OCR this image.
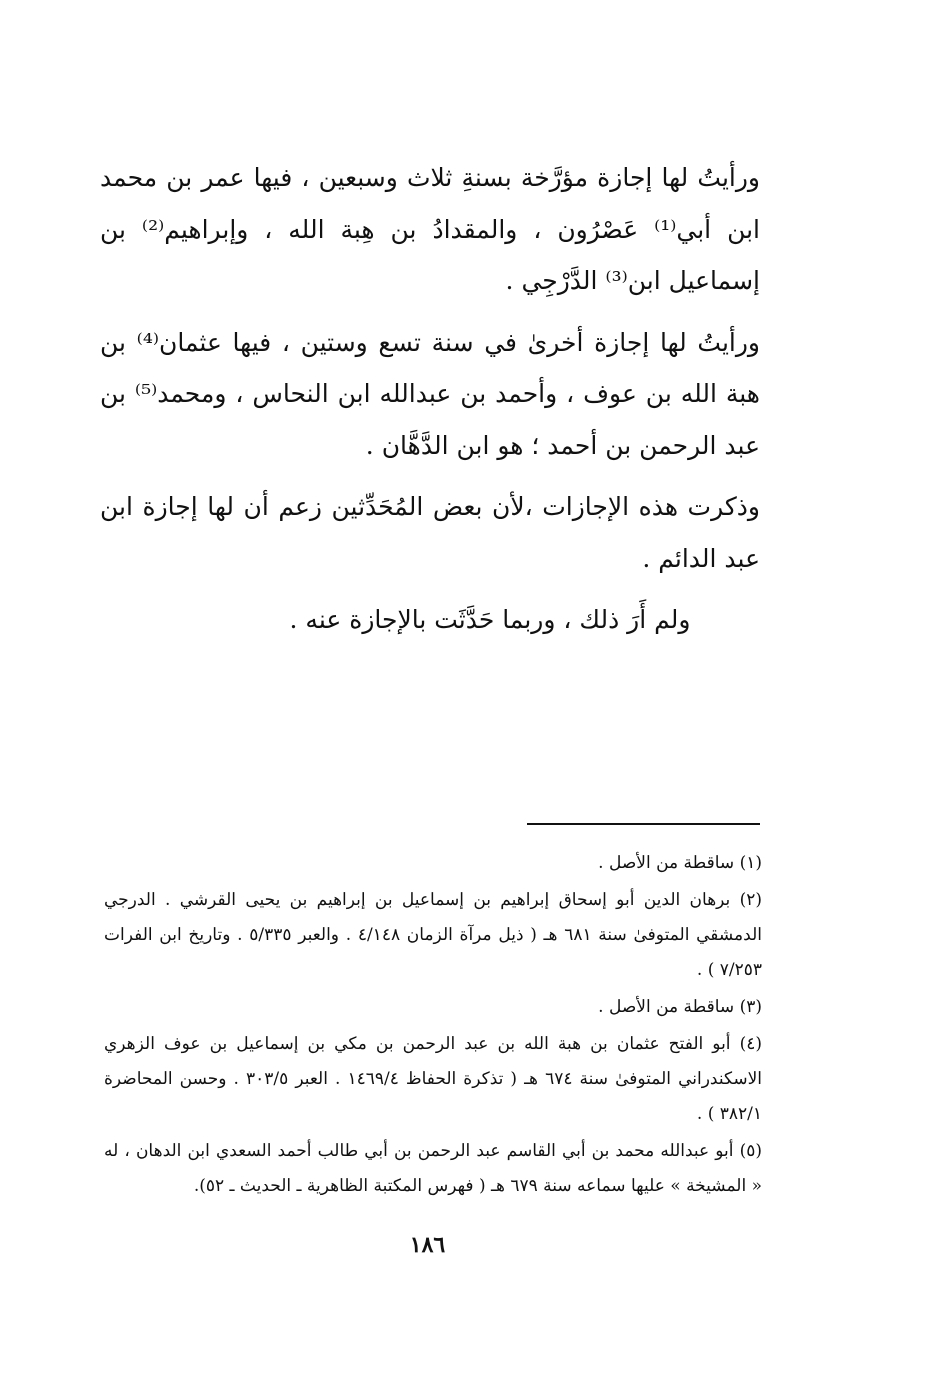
ورأيتُ لها إجازة مؤرَّخة بسنةِ ثلاث وسبعين ، فيها عمر بن محمد ابن أبي⁽¹⁾ عَصْرُون ، والمقدادُ بن هِبة الله ، وإبراهيم⁽²⁾ بن إسماعيل ابن⁽³⁾ الدَّرْجِي .

ورأيتُ لها إجازة أخرىٰ في سنة تسع وستين ، فيها عثمان⁽⁴⁾ بن هبة الله بن عوف ، وأحمد بن عبدالله ابن النحاس ، ومحمد⁽⁵⁾ بن عبد الرحمن بن أحمد ؛ هو ابن الدَّهَّان .

وذكرت هذه الإجازات ،لأن بعض المُحَدِّثين زعم أن لها إجازة ابن عبد الدائم .

ولم أَرَ ذلك ، وربما حَدَّثَت بالإجازة عنه .

(١) ساقطة من الأصل .

(٢) برهان الدين أبو إسحاق إبراهيم بن إسماعيل بن إبراهيم بن يحيى القرشي . الدرجي الدمشقي المتوفىٰ سنة ٦٨١ هـ ( ذيل مرآة الزمان ٤/١٤٨ . والعبر ٥/٣٣٥ . وتاريخ ابن الفرات ٧/٢٥٣ ) .

(٣) ساقطة من الأصل .

(٤) أبو الفتح عثمان بن هبة الله بن عبد الرحمن بن مكي بن إسماعيل بن عوف الزهري الاسكندراني المتوفىٰ سنة ٦٧٤ هـ ( تذكرة الحفاظ ١٤٦٩/٤ . العبر ٣٠٣/٥ . وحسن المحاضرة ٣٨٢/١ ) .

(٥) أبو عبدالله محمد بن أبي القاسم عبد الرحمن بن أبي طالب أحمد السعدي ابن الدهان ، له « المشيخة » عليها سماعه سنة ٦٧٩ هـ ( فهرس المكتبة الظاهرية ـ الحديث ـ ٥٢).

١٨٦
